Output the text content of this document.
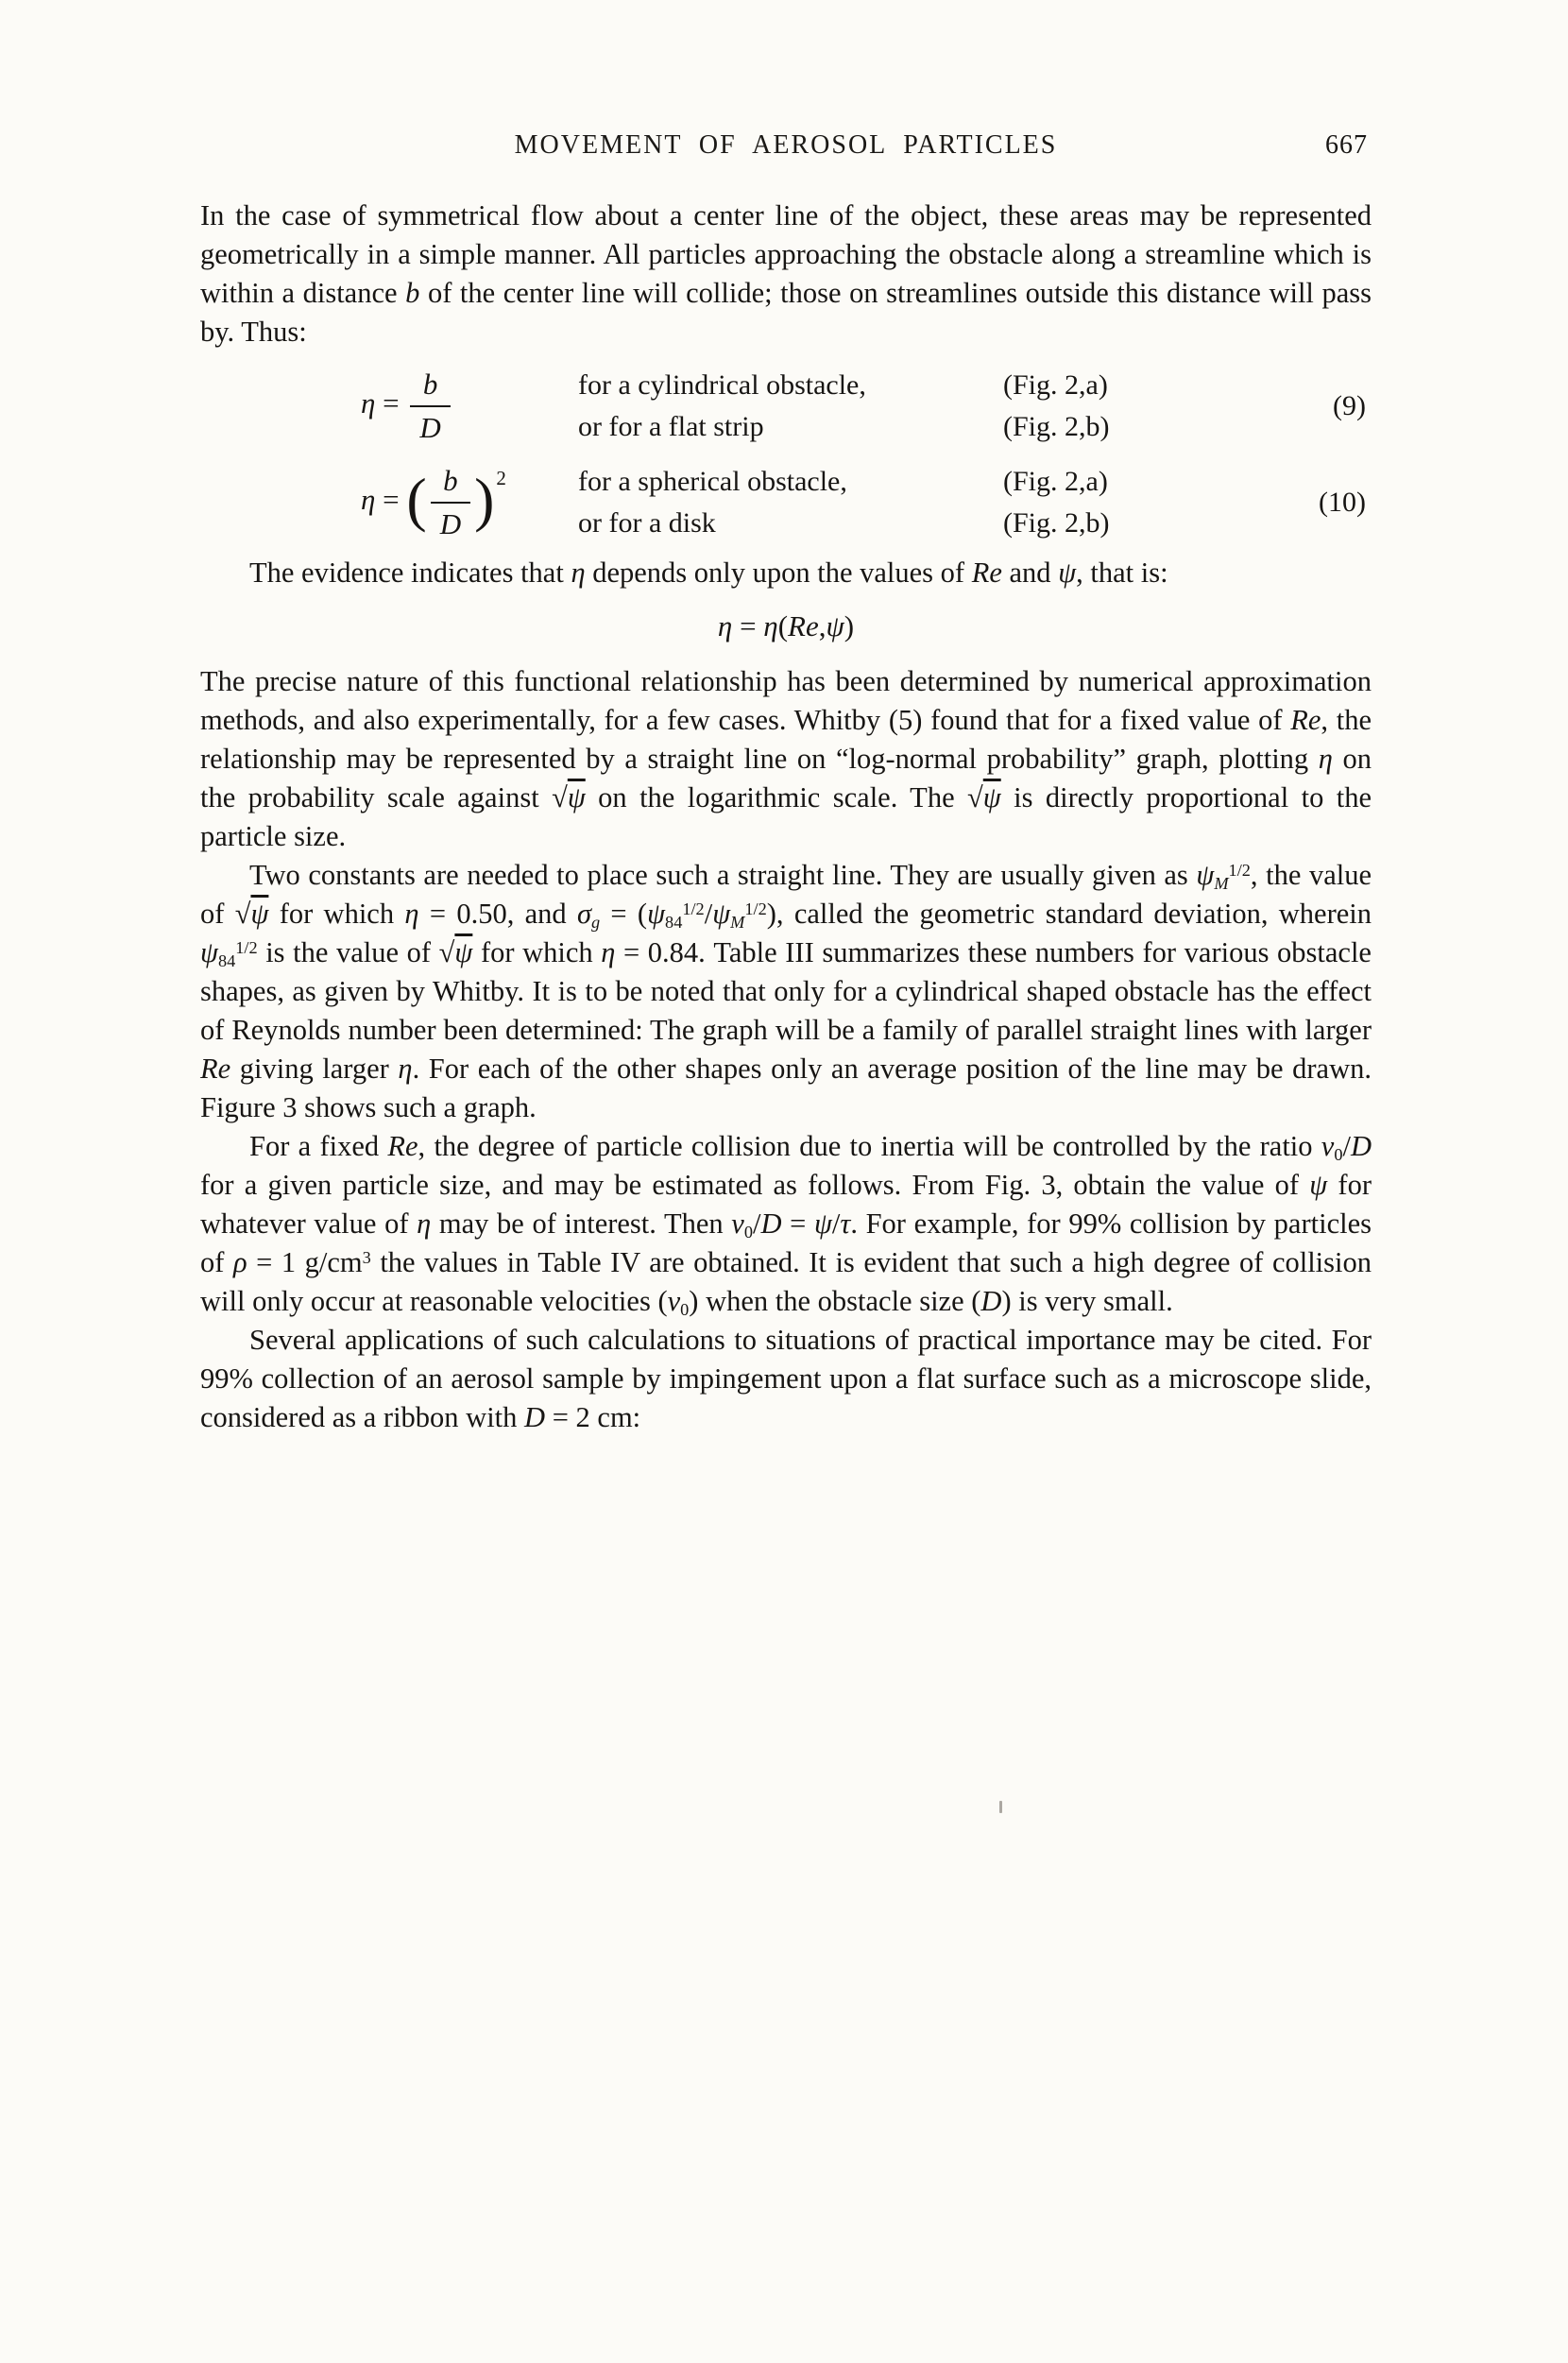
MOVEMENT OF AEROSOL PARTICLES	667

In the case of symmetrical flow about a center line of the object, these areas may be represented geometrically in a simple manner. All particles approaching the obstacle along a streamline which is within a distance b of the center line will collide; those on streamlines outside this distance will pass by. Thus:

$\eta = \frac{b}{D}$	for a cylindrical obstacle,	(Fig. 2,a)
or for a flat strip	(Fig. 2,b)
(9)
η = ( $\frac{b}{D} )^2$	for a spherical obstacle,	(Fig. 2,a)
or for a disk	(Fig. 2,b)
(10)

The evidence indicates that η depends only upon the values of Re and ψ, that is:

η = η(Re,ψ)

The precise nature of this functional relationship has been determined by numerical approximation methods, and also experimentally, for a few cases. Whitby (5) found that for a fixed value of Re, the relationship may be represented by a straight line on “log-normal probability” graph, plotting η on the probability scale against √ψ on the logarithmic scale. The √ψ is directly proportional to the particle size.

Two constants are needed to place such a straight line. They are usually given as $\psi_M^{1/2}$, the value of √ψ for which η = 0.50, and $\sigma_g = (\psi_{84}^{1/2}/\psi_M^{1/2})$, called the geometric standard deviation, wherein $\psi_{84}^{1/2}$ is the value of √ψ for which η = 0.84. Table III summarizes these numbers for various obstacle shapes, as given by Whitby. It is to be noted that only for a cylindrical shaped obstacle has the effect of Reynolds number been determined: The graph will be a family of parallel straight lines with larger Re giving larger η. For each of the other shapes only an average position of the line may be drawn. Figure 3 shows such a graph.

For a fixed Re, the degree of particle collision due to inertia will be controlled by the ratio $v_0/D$ for a given particle size, and may be estimated as follows. From Fig. 3, obtain the value of ψ for whatever value of η may be of interest. Then $v_0/D = \psi/\tau$. For example, for 99% collision by particles of ρ = 1 $g/cm^3$ the values in Table IV are obtained. It is evident that such a high degree of collision will only occur at reasonable velocities $(v_0)$ when the obstacle size (D) is very small.

Several applications of such calculations to situations of practical importance may be cited. For 99% collection of an aerosol sample by impingement upon a flat surface such as a microscope slide, considered as a ribbon with D = 2 cm:
